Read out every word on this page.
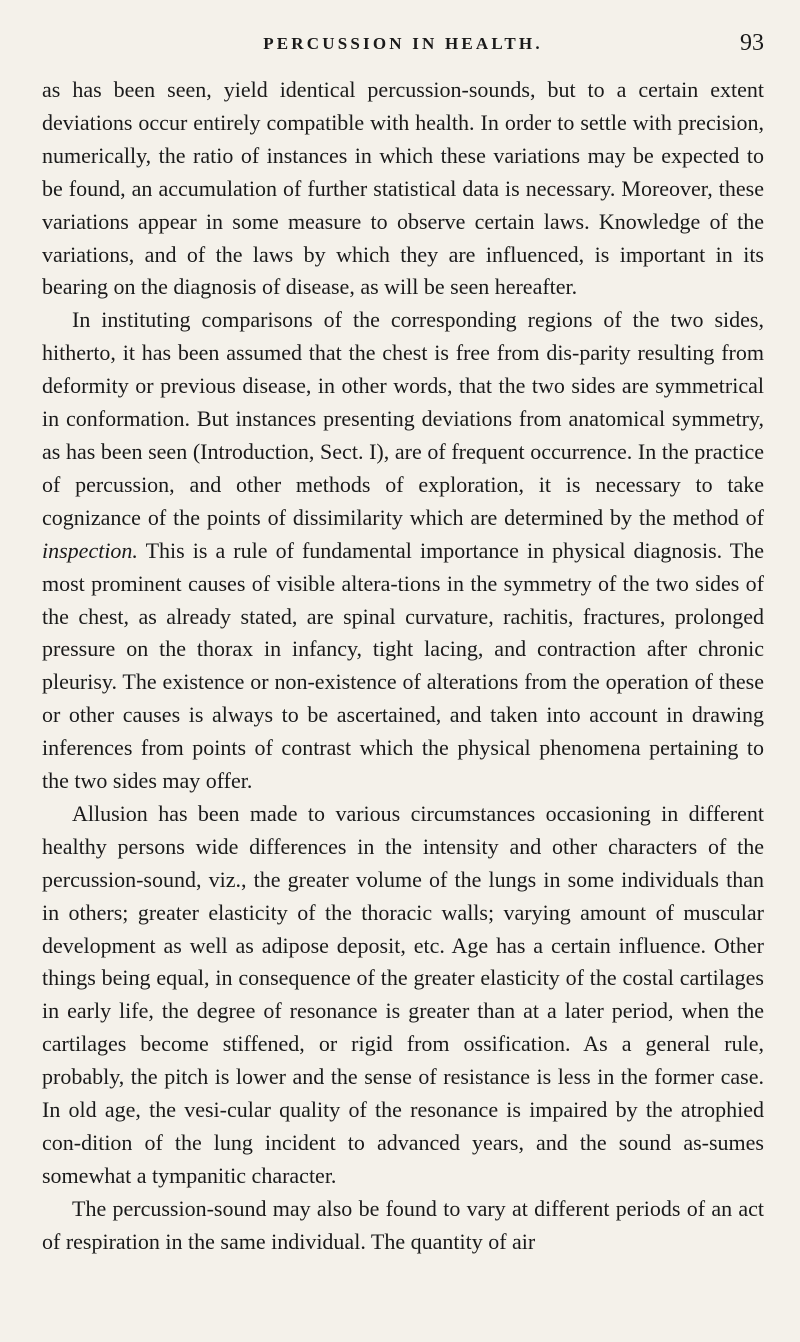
PERCUSSION IN HEALTH.	93

as has been seen, yield identical percussion-sounds, but to a certain extent deviations occur entirely compatible with health. In order to settle with precision, numerically, the ratio of instances in which these variations may be expected to be found, an accumulation of further statistical data is necessary. Moreover, these variations appear in some measure to observe certain laws. Knowledge of the variations, and of the laws by which they are influenced, is important in its bearing on the diagnosis of disease, as will be seen hereafter.

In instituting comparisons of the corresponding regions of the two sides, hitherto, it has been assumed that the chest is free from dis-parity resulting from deformity or previous disease, in other words, that the two sides are symmetrical in conformation. But instances presenting deviations from anatomical symmetry, as has been seen (Introduction, Sect. I), are of frequent occurrence. In the practice of percussion, and other methods of exploration, it is necessary to take cognizance of the points of dissimilarity which are determined by the method of inspection. This is a rule of fundamental importance in physical diagnosis. The most prominent causes of visible altera-tions in the symmetry of the two sides of the chest, as already stated, are spinal curvature, rachitis, fractures, prolonged pressure on the thorax in infancy, tight lacing, and contraction after chronic pleurisy. The existence or non-existence of alterations from the operation of these or other causes is always to be ascertained, and taken into account in drawing inferences from points of contrast which the physical phenomena pertaining to the two sides may offer.

Allusion has been made to various circumstances occasioning in different healthy persons wide differences in the intensity and other characters of the percussion-sound, viz., the greater volume of the lungs in some individuals than in others; greater elasticity of the thoracic walls; varying amount of muscular development as well as adipose deposit, etc. Age has a certain influence. Other things being equal, in consequence of the greater elasticity of the costal cartilages in early life, the degree of resonance is greater than at a later period, when the cartilages become stiffened, or rigid from ossification. As a general rule, probably, the pitch is lower and the sense of resistance is less in the former case. In old age, the vesi-cular quality of the resonance is impaired by the atrophied con-dition of the lung incident to advanced years, and the sound as-sumes somewhat a tympanitic character.

The percussion-sound may also be found to vary at different periods of an act of respiration in the same individual. The quantity of air
